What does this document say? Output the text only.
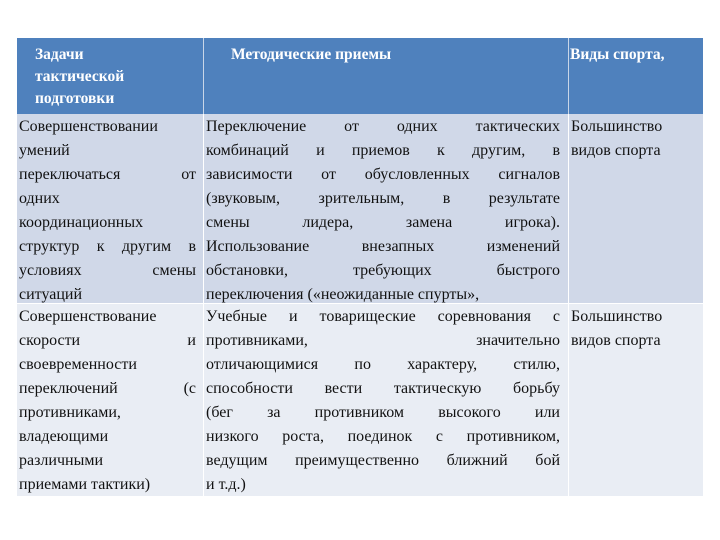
Задачи
тактической
подготовки
Методические приемы	Виды спорта,

Совершенствовании

умений

переключаться от

одних

координационных

структур к другим в

условиях смены

ситуаций

Переключение от одних тактических

комбинаций и приемов к другим, в

зависимости от обусловленных сигналов

(звуковым, зрительным, в результате

смены лидера, замена игрока).

Использование внезапных изменений

обстановки, требующих быстрого

переключения («неожиданные спурты»,

Большинство

видов спорта

Совершенствование

скорости и

своевременности

переключений (с

противниками,

владеющими

различными

приемами тактики)

Учебные и товарищеские соревнования с

противниками, значительно

отличающимися по характеру, стилю,

способности вести тактическую борьбу

(бег за противником высокого или

низкого роста, поединок с противником,

ведущим преимущественно ближний бой

и т.д.)

Большинство

видов спорта
